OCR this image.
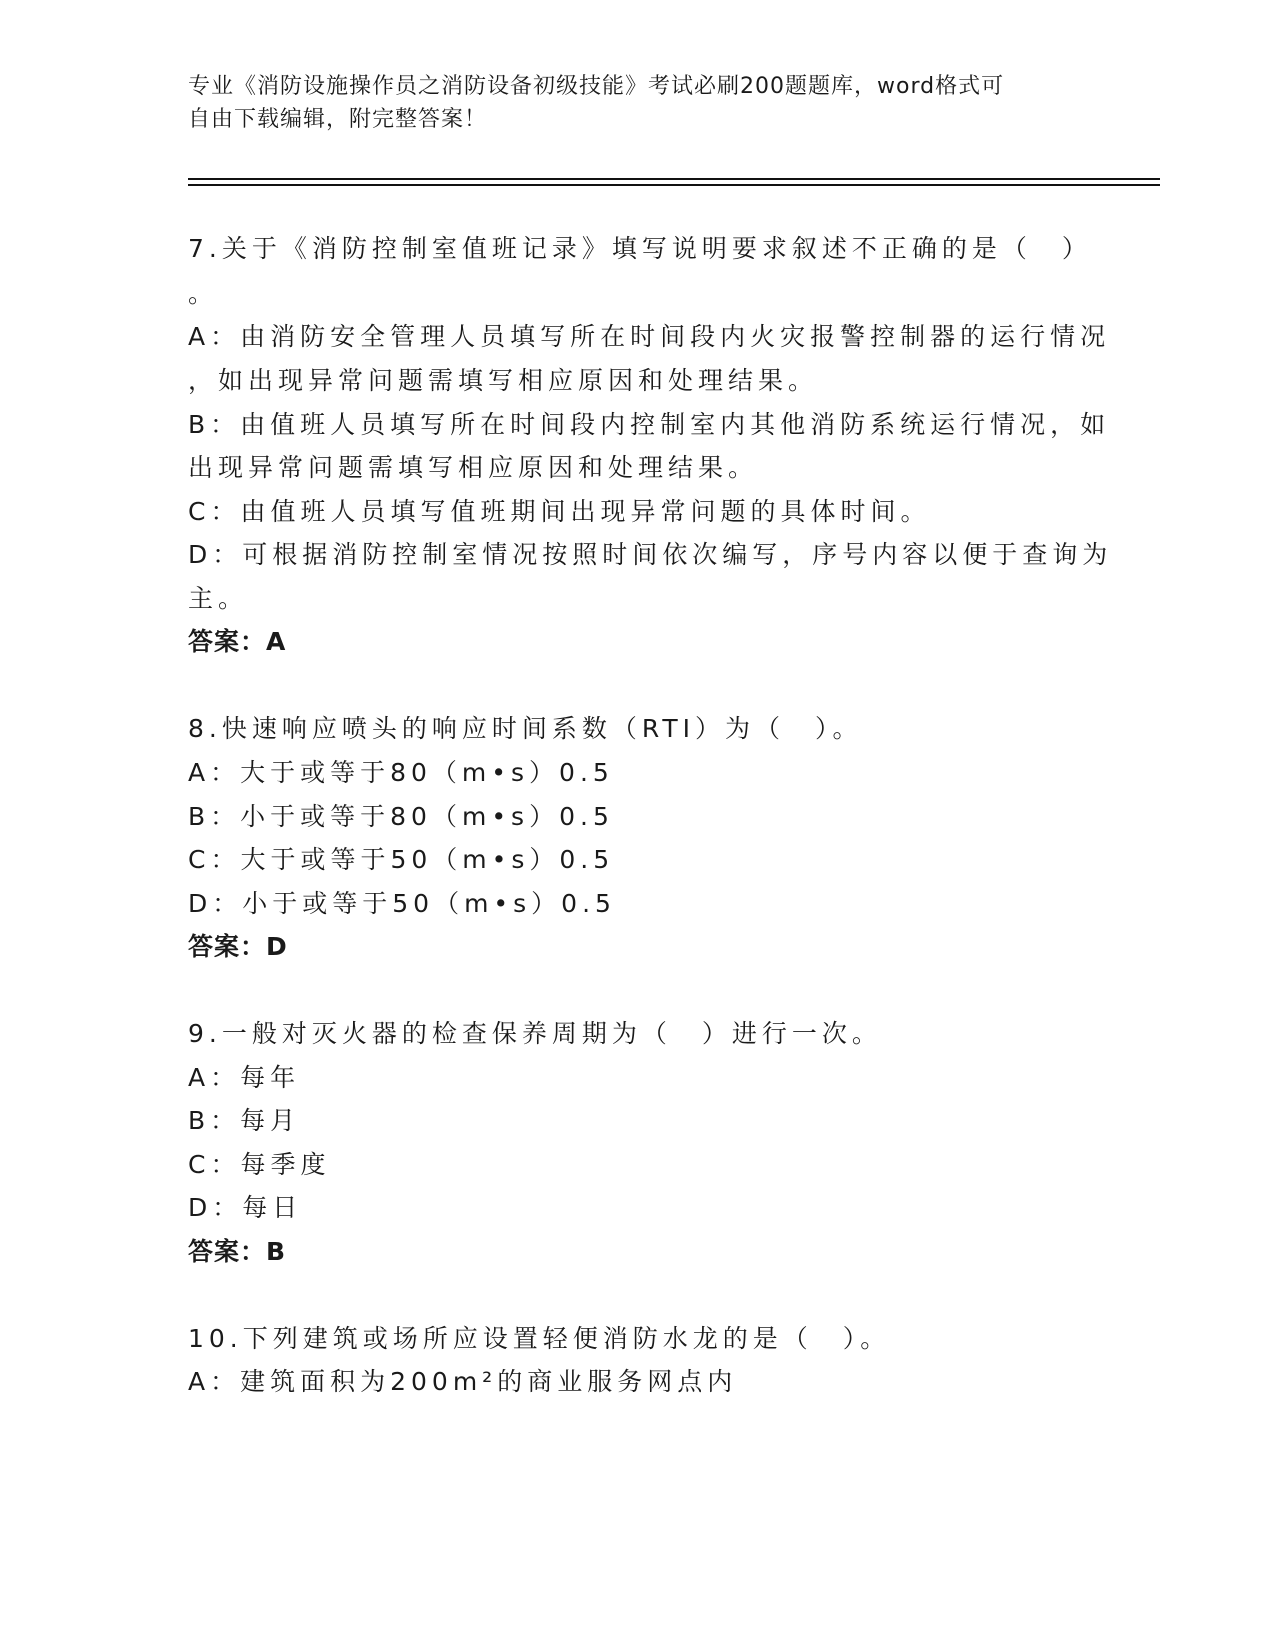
专业《消防设施操作员之消防设备初级技能》考试必刷200题题库，word格式可
自由下载编辑，附完整答案！
7.关于《消防控制室值班记录》填写说明要求叙述不正确的是（　）
。
A：由消防安全管理人员填写所在时间段内火灾报警控制器的运行情况
，如出现异常问题需填写相应原因和处理结果。
B：由值班人员填写所在时间段内控制室内其他消防系统运行情况，如
出现异常问题需填写相应原因和处理结果。
C：由值班人员填写值班期间出现异常问题的具体时间。
D：可根据消防控制室情况按照时间依次编写，序号内容以便于查询为
主。
答案：A
8.快速响应喷头的响应时间系数（RTI）为（　）。
A：大于或等于80（m•s）0.5
B：小于或等于80（m•s）0.5
C：大于或等于50（m•s）0.5
D：小于或等于50（m•s）0.5
答案：D
9.一般对灭火器的检查保养周期为（　）进行一次。
A：每年
B：每月
C：每季度
D：每日
答案：B
10.下列建筑或场所应设置轻便消防水龙的是（　）。
A：建筑面积为200m²的商业服务网点内
